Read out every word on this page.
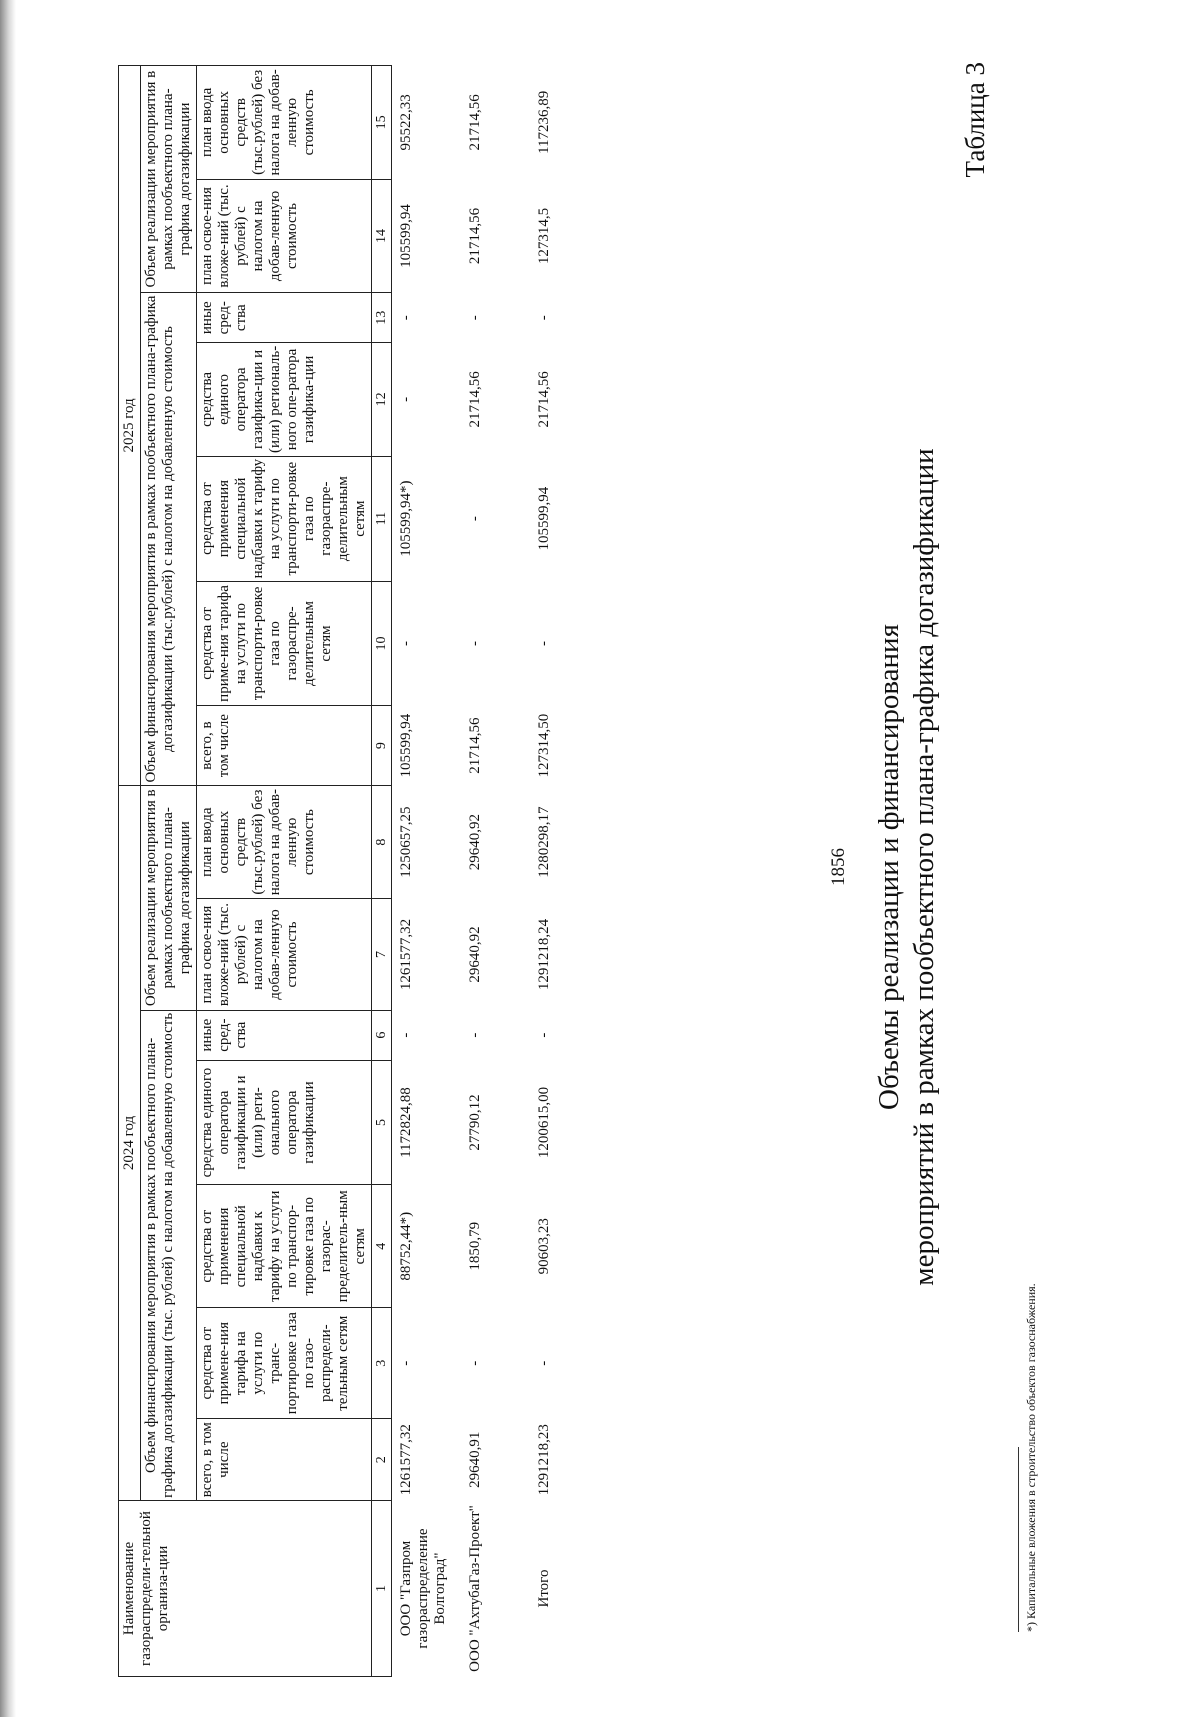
1856
Таблица 3
Объемы реализации и финансирования мероприятий в рамках пообъектного плана-графика догазификации
Наименование газораспредели-тельной организа-ции	2024 год							2025 год						
	Объем финансирования мероприятия в рамках пообъектного плана-графика догазификации (тыс. рублей) с налогом на добавленную стоимость					Объем реализации мероприятия в рамках пообъектного плана-графика догазификации		Объем финансирования мероприятия в рамках пообъектного плана-графика догазификации (тыс.рублей) с налогом на добавленную стоимость					Объем реализации мероприятия в рамках пообъектного плана-графика догазификации	
	всего, в том числе	средства от примене-ния тарифа на услуги по транс-портировке газа по газо-распредели-тельным сетям	средства от применения специальной надбавки к тарифу на услуги по транспор-тировке газа по газорас-пределитель-ным сетям	средства единого оператора газификации и (или) реги-онального оператора газификации	иные сред-ства	план освое-ния вложе-ний (тыс. рублей) с налогом на добав-ленную стоимость	план ввода основных средств (тыс.рублей) без налога на добав-ленную стоимость	всего, в том числе	средства от приме-ния тарифа на услуги по транспорти-ровке газа по газораспре-делительным сетям	средства от применения специальной надбавки к тарифу на услуги по транспорти-ровке газа по газораспре-делительным сетям	средства единого оператора газифика-ции и (или) региональ-ного опе-ратора газифика-ции	иные сред-ства	план освое-ния вложе-ний (тыс. рублей) с налогом на добав-ленную стоимость	план ввода основных средств (тыс.рублей) без налога на добав-ленную стоимость
1	2	3	4	5	6	7	8	9	10	11	12	13	14	15
ООО "Газпром газораспределение Волгоград"	1261577,32	-	88752,44*)	1172824,88	-	1261577,32	1250657,25	105599,94	-	105599,94*)	-	-	105599,94	95522,33
ООО "АхтубаГаз-Проект"	29640,91	-	1850,79	27790,12	-	29640,92	29640,92	21714,56	-	-	21714,56	-	21714,56	21714,56
Итого	1291218,23	-	90603,23	1200615,00	-	1291218,24	1280298,17	127314,50	-	105599,94	21714,56	-	127314,5	117236,89
*) Капитальные вложения в строительство объектов газоснабжения.
